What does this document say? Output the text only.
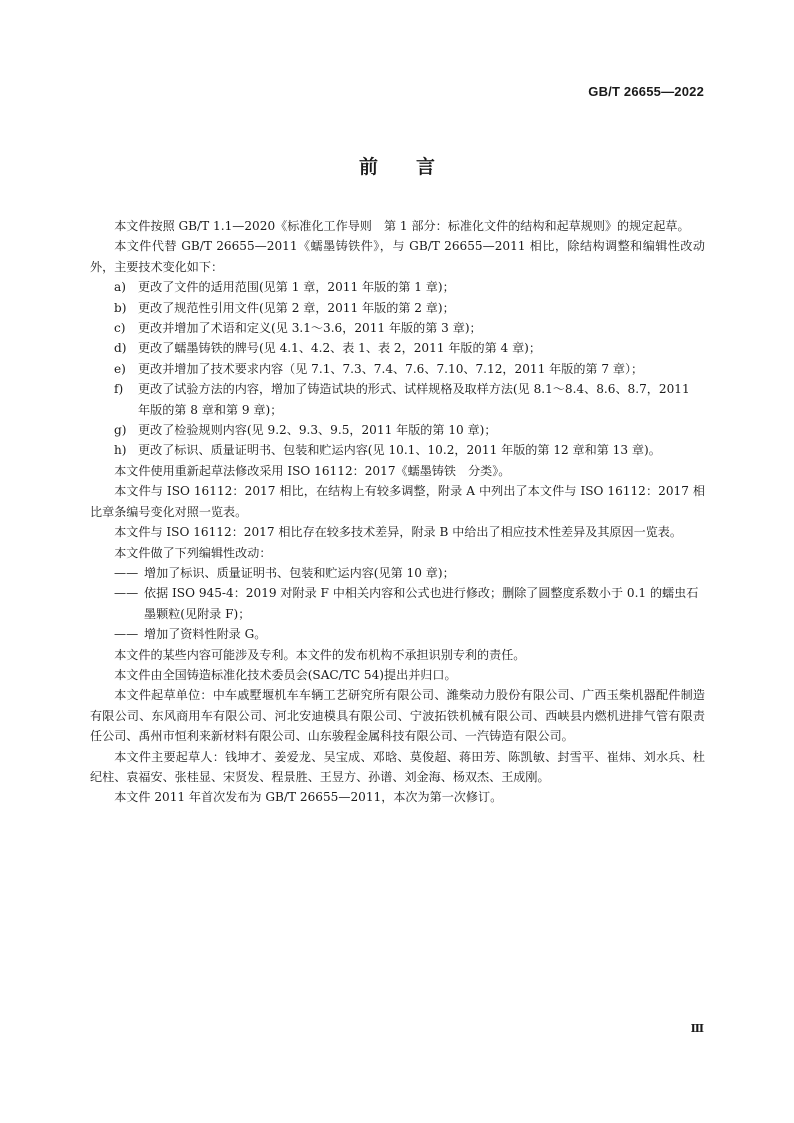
GB/T 26655—2022
前　　言

本文件按照 GB/T 1.1—2020《标准化工作导则　第 1 部分：标准化文件的结构和起草规则》的规定起草。

本文件代替 GB/T 26655—2011《蠕墨铸铁件》，与 GB/T 26655—2011 相比，除结构调整和编辑性改动外，主要技术变化如下：

a) 更改了文件的适用范围(见第 1 章，2011 年版的第 1 章)；
b) 更改了规范性引用文件(见第 2 章，2011 年版的第 2 章)；
c)	更改并增加了术语和定义(见 3.1～3.6，2011 年版的第 3 章)；
d) 更改了蠕墨铸铁的牌号(见 4.1、4.2、表 1、表 2，2011 年版的第 4 章)；
e)	更改并增加了技术要求内容（见 7.1、7.3、7.4、7.6、7.10、7.12，2011 年版的第 7 章）；
f)	更改了试验方法的内容，增加了铸造试块的形式、试样规格及取样方法(见 8.1～8.4、8.6、8.7，2011 年版的第 8 章和第 9 章)；
g) 更改了检验规则内容(见 9.2、9.3、9.5，2011 年版的第 10 章)；
h) 更改了标识、质量证明书、包装和贮运内容(见 10.1、10.2，2011 年版的第 12 章和第 13 章)。

本文件使用重新起草法修改采用 ISO 16112：2017《蠕墨铸铁　分类》。

本文件与 ISO 16112：2017 相比，在结构上有较多调整，附录 A 中列出了本文件与 ISO 16112：2017 相比章条编号变化对照一览表。

本文件与 ISO 16112：2017 相比存在较多技术差异，附录 B 中给出了相应技术性差异及其原因一览表。

本文件做了下列编辑性改动：

—— 增加了标识、质量证明书、包装和贮运内容(见第 10 章)；
—— 依据 ISO 945-4：2019 对附录 F 中相关内容和公式也进行修改；删除了圆整度系数小于 0.1 的蠕虫石墨颗粒(见附录 F)；
—— 增加了资料性附录 G。

本文件的某些内容可能涉及专利。本文件的发布机构不承担识别专利的责任。

本文件由全国铸造标准化技术委员会(SAC/TC 54)提出并归口。

本文件起草单位：中车戚墅堰机车车辆工艺研究所有限公司、潍柴动力股份有限公司、广西玉柴机器配件制造有限公司、东风商用车有限公司、河北安迪模具有限公司、宁波拓铁机械有限公司、西峡县内燃机进排气管有限责任公司、禹州市恒利来新材料有限公司、山东骏程金属科技有限公司、一汽铸造有限公司。

本文件主要起草人：钱坤才、姜爱龙、吴宝成、邓晗、莫俊超、蒋田芳、陈凯敏、封雪平、崔炜、刘水兵、杜纪柱、袁福安、张桂显、宋贤发、程景胜、王昱方、孙谱、刘金海、杨双杰、王成刚。

本文件 2011 年首次发布为 GB/T 26655—2011，本次为第一次修订。

Ⅲ
